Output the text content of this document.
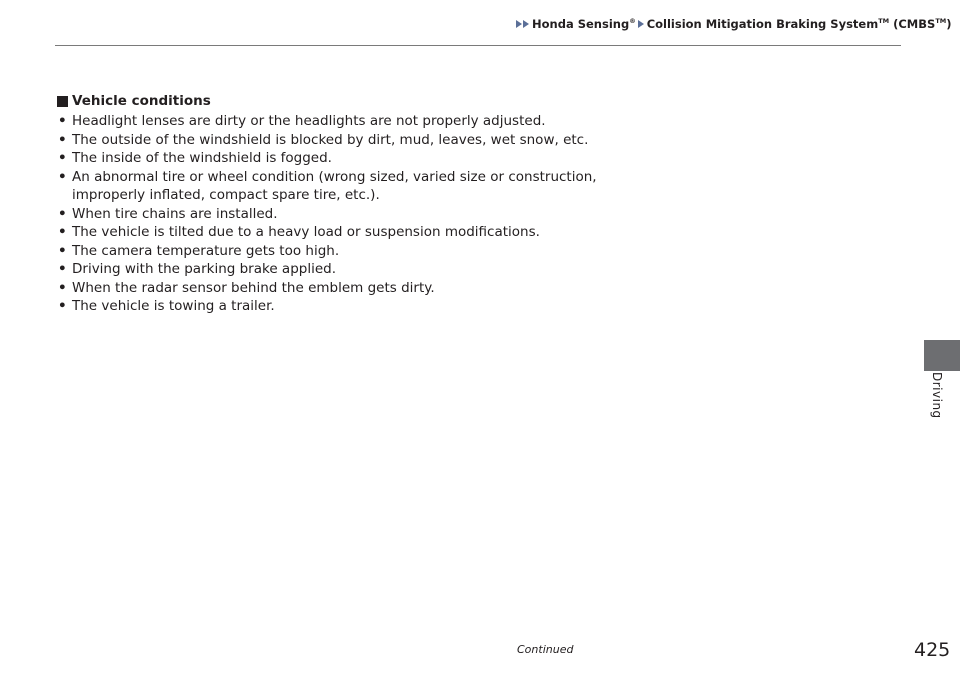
Honda Sensing® Collision Mitigation Braking System™ (CMBS™)
Vehicle conditions
• Headlight lenses are dirty or the headlights are not properly adjusted.
• The outside of the windshield is blocked by dirt, mud, leaves, wet snow, etc.
• The inside of the windshield is fogged.
• An abnormal tire or wheel condition (wrong sized, varied size or construction,
improperly inflated, compact spare tire, etc.).
• When tire chains are installed.
• The vehicle is tilted due to a heavy load or suspension modifications.
• The camera temperature gets too high.
• Driving with the parking brake applied.
• When the radar sensor behind the emblem gets dirty.
• The vehicle is towing a trailer.
Driving
Continued	425
